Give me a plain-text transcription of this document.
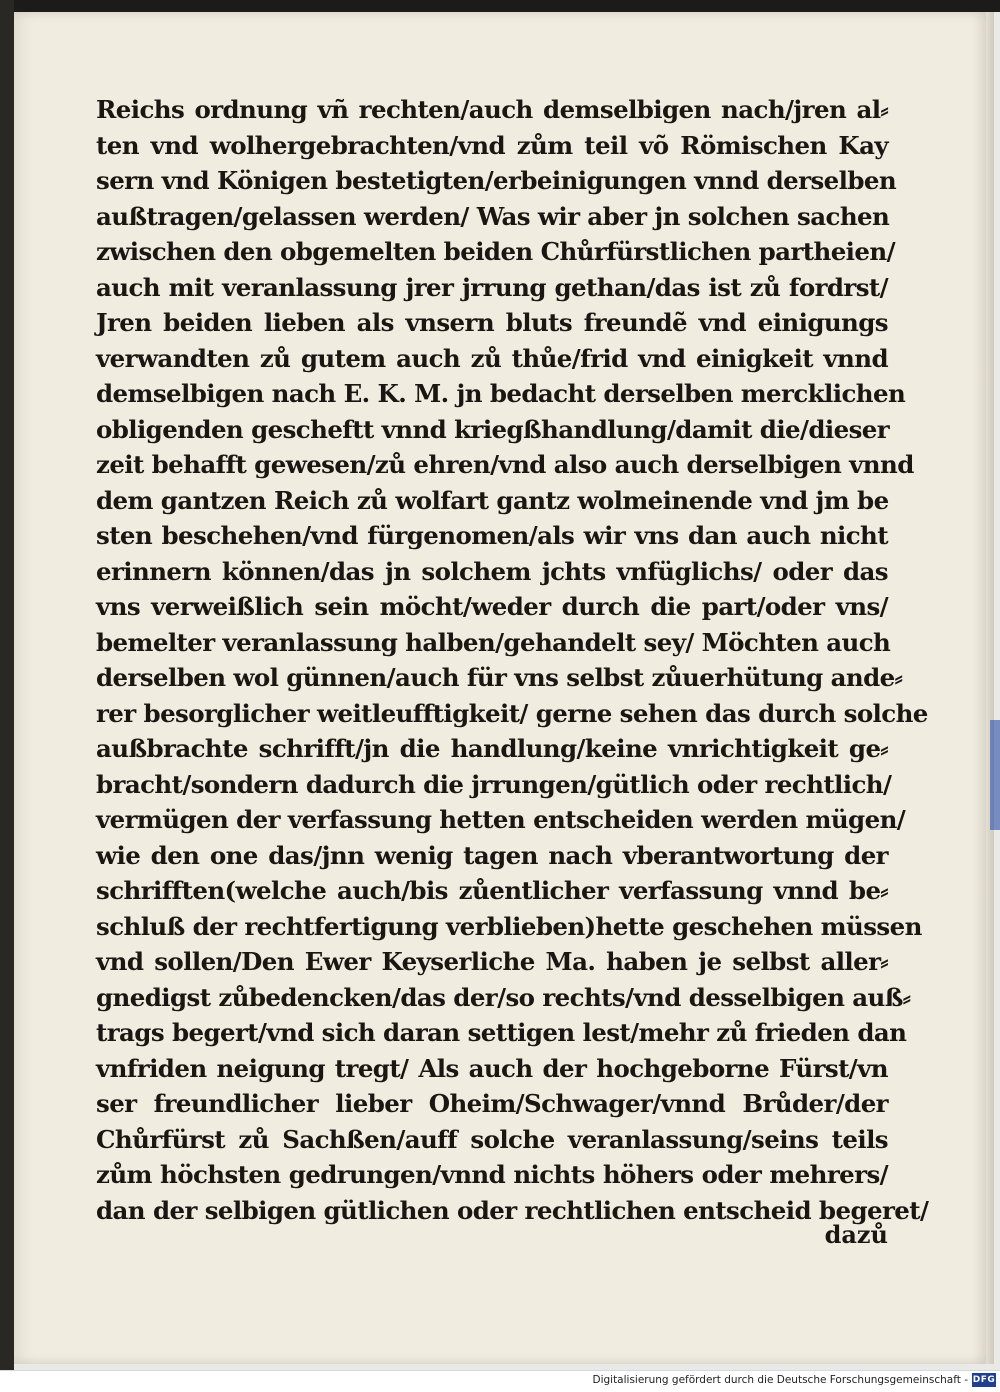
Reichs ordnung vñ rechten/auch demselbigen nach/jren al⸗
ten vnd wolhergebrachten/vnd zům teil võ Römischen Kay
sern vnd Königen bestetigten/erbeinigungen vnnd derselben
außtragen/gelassen werden/ Was wir aber jn solchen sachen
zwischen den obgemelten beiden Chůrfürstlichen partheien/
auch mit veranlassung jrer jrrung gethan/das ist zů fordrst/
Jren beiden lieben als vnsern bluts freundẽ vnd einigungs
verwandten zů gutem auch zů thůe/frid vnd einigkeit vnnd
demselbigen nach E. K. M. jn bedacht derselben mercklichen
obligenden gescheftt vnnd kriegßhandlung/damit die/dieser
zeit behafft gewesen/zů ehren/vnd also auch derselbigen vnnd
dem gantzen Reich zů wolfart gantz wolmeinende vnd jm be
sten beschehen/vnd fürgenomen/als wir vns dan auch nicht
erinnern können/das jn solchem jchts vnfüglichs/ oder das
vns verweißlich sein möcht/weder durch die part/oder vns/
bemelter veranlassung halben/gehandelt sey/ Möchten auch
derselben wol günnen/auch für vns selbst zůuerhütung ande⸗
rer besorglicher weitleufftigkeit/ gerne sehen das durch solche
außbrachte schrifft/jn die handlung/keine vnrichtigkeit ge⸗
bracht/sondern dadurch die jrrungen/gütlich oder rechtlich/
vermügen der verfassung hetten entscheiden werden mügen/
wie den one das/jnn wenig tagen nach vberantwortung der
schrifften(welche auch/bis zůentlicher verfassung vnnd be⸗
schluß der rechtfertigung verblieben)hette geschehen müssen
vnd sollen/Den Ewer Keyserliche Ma. haben je selbst aller⸗
gnedigst zůbedencken/das der/so rechts/vnd desselbigen auß⸗
trags begert/vnd sich daran settigen lest/mehr zů frieden dan
vnfriden neigung tregt/ Als auch der hochgeborne Fürst/vn
ser freundlicher lieber Oheim/Schwager/vnnd Brůder/der
Chůrfürst zů Sachßen/auff solche veranlassung/seins teils
zům höchsten gedrungen/vnnd nichts höhers oder mehrers/
dan der selbigen gütlichen oder rechtlichen entscheid begeret/
dazů
Digitalisierung gefördert durch die Deutsche Forschungsgemeinschaft - DFG
